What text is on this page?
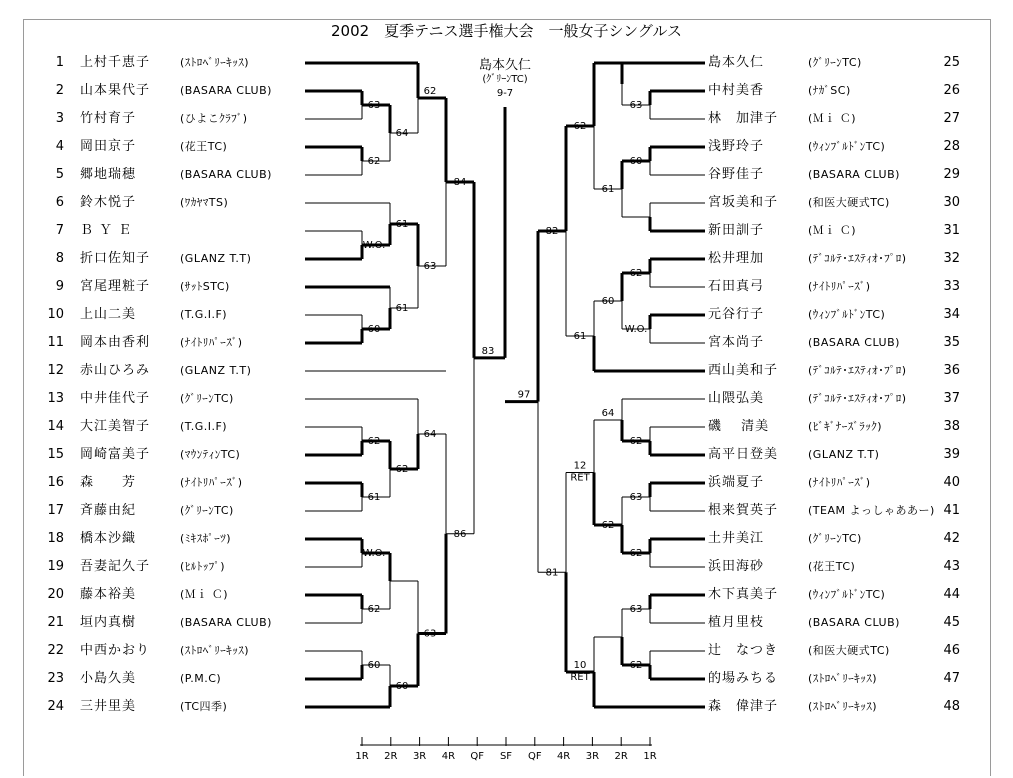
2002　夏季テニス選手権大会　一般女子シングルス
1 上村千恵子	(ｽﾄﾛﾍﾞﾘｰｷｯｽ)
2 山本果代子	(BASARA CLUB)
3 竹村育子	(ひよこｸﾗﾌﾞ)
4 岡田京子	(花王TC)
5 郷地瑞穂	(BASARA CLUB)
6 鈴木悦子	(ﾜｶﾔﾏTS)
7 Ｂ Ｙ Ｅ
8 折口佐知子	(GLANZ T.T)
9 宮尾理粧子	(ｻｯﾄSTC)
10 上山二美	(T.G.I.F)
11 岡本由香利	(ﾅｲﾄﾘﾊﾟｰｽﾞ)
12 赤山ひろみ	(GLANZ T.T)
13 中井佳代子	(ｸﾞﾘｰﾝTC)
14 大江美智子	(T.G.I.F)
15 岡崎富美子	(ﾏｳﾝﾃｨﾝTC)
16 森　　芳	(ﾅｲﾄﾘﾊﾟｰｽﾞ)
17 斉藤由紀	(ｸﾞﾘｰﾝTC)
18 橋本沙織	(ﾐｷｽﾎﾟｰﾂ)
19 吾妻記久子	(ﾋﾙﾄｯﾌﾟ)
20 藤本裕美	(Ｍｉ Ｃ)
21 垣内真樹	(BASARA CLUB)
22 中西かおり	(ｽﾄﾛﾍﾞﾘｰｷｯｽ)
23 小島久美	(P.M.C)
24 三井里美	(TC四季)
島本久仁	(ｸﾞﾘｰﾝTC)	25
中村美香	(ﾅｶﾞSC)	26
林　加津子	(Ｍｉ Ｃ)	27
浅野玲子	(ｳｨﾝﾌﾞﾙﾄﾞﾝTC)	28
谷野佳子	(BASARA CLUB)	29
宮坂美和子	(和医大硬式TC)	30
新田訓子	(Ｍｉ Ｃ)	31
松井理加	(ﾃﾞｺﾙﾃ･ｴｽﾃｨｵ･ﾌﾟﾛ)	32
石田真弓	(ﾅｲﾄﾘﾊﾟｰｽﾞ)	33
元谷行子	(ｳｨﾝﾌﾞﾙﾄﾞﾝTC)	34
宮本尚子	(BASARA CLUB)	35
西山美和子	(ﾃﾞｺﾙﾃ･ｴｽﾃｨｵ･ﾌﾟﾛ)	36
山隈弘美	(ﾃﾞｺﾙﾃ･ｴｽﾃｨｵ･ﾌﾟﾛ)	37
磯　 清美	(ﾋﾞｷﾞﾅｰｽﾞﾗｯｸ)	38
高平日登美	(GLANZ T.T)	39
浜端夏子	(ﾅｲﾄﾘﾊﾟｰｽﾞ)	40
根来賀英子	(TEAM よっしゃああー) 41
土井美江	(ｸﾞﾘｰﾝTC)	42
浜田海砂	(花王TC)	43
木下真美子	(ｳｨﾝﾌﾞﾙﾄﾞﾝTC)	44
植月里枝	(BASARA CLUB)	45
辻　なつき	(和医大硬式TC)	46
的場みちる	(ｽﾄﾛﾍﾞﾘｰｷｯｽ)	47
森　偉津子	(ｽﾄﾛﾍﾞﾘｰｷｯｽ)	48
島本久仁
(ｸﾞﾘｰﾝTC)
9-7
63
62
W.O.
60
62
61
W.O.
62
60
64
61
61
62
60
62
63
64
63
84
86
83
63
60
62
W.O.
62
63
62
63
62
61
60
64
62
62
61
12
RET
10
RET
82
81
97
1R 2R 3R 4R QF SF QF 4R 3R 2R 1R
